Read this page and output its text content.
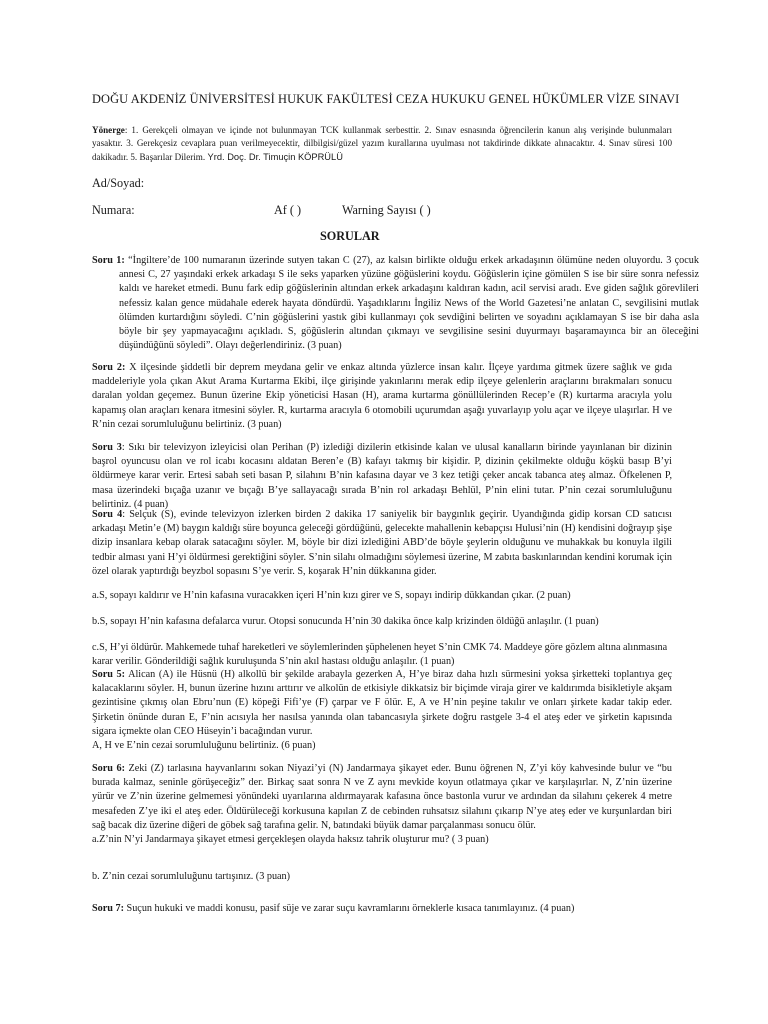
DOĞU AKDENİZ ÜNİVERSİTESİ HUKUK FAKÜLTESİ CEZA HUKUKU GENEL HÜKÜMLER VİZE SINAVI
Yönerge: 1. Gerekçeli olmayan ve içinde not bulunmayan TCK kullanmak serbesttir. 2. Sınav esnasında öğrencilerin kanun alış verişinde bulunmaları yasaktır. 3. Gerekçesiz cevaplara puan verilmeyecektir, dilbilgisi/güzel yazım kurallarına uyulması not takdirinde dikkate alınacaktır. 4. Sınav süresi 100 dakikadır. 5. Başarılar Dilerim. Yrd. Doç. Dr. Timuçin KÖPRÜLÜ
Ad/Soyad:
Numara:	Af ( )	Warning Sayısı ( )
SORULAR
Soru 1: “İngiltere’de 100 numaranın üzerinde sutyen takan C (27), az kalsın birlikte olduğu erkek arkadaşının ölümüne neden oluyordu. 3 çocuk annesi C, 27 yaşındaki erkek arkadaşı S ile seks yaparken yüzüne göğüslerini koydu. Göğüslerin içine gömülen S ise bir süre sonra nefessiz kaldı ve hareket etmedi. Bunu fark edip göğüslerinin altından erkek arkadaşını kaldıran kadın, acil servisi aradı. Eve giden sağlık görevlileri nefessiz kalan gence müdahale ederek hayata döndürdü. Yaşadıklarını İngiliz News of the World Gazetesi’ne anlatan C, sevgilisini mutlak ölümden kurtardığını söyledi. C’nin göğüslerini yastık gibi kullanmayı çok sevdiğini belirten ve soyadını açıklamayan S ise bir daha asla böyle bir şey yapmayacağını açıkladı. S, göğüslerin altından çıkmayı ve sevgilisine sesini duyurmayı başaramayınca bir an öleceğini düşündüğünü söyledi”. Olayı değerlendiriniz. (3 puan)
Soru 2: X ilçesinde şiddetli bir deprem meydana gelir ve enkaz altında yüzlerce insan kalır. İlçeye yardıma gitmek üzere sağlık ve gıda maddeleriyle yola çıkan Akut Arama Kurtarma Ekibi, ilçe girişinde yakınlarını merak edip ilçeye gelenlerin araçlarını bırakmaları sonucu daralan yoldan geçemez. Bunun üzerine Ekip yöneticisi Hasan (H), arama kurtarma gönüllülerinden Recep’e (R) kurtarma aracıyla yolu kapamış olan araçları kenara itmesini söyler. R, kurtarma aracıyla 6 otomobili uçurumdan aşağı yuvarlayıp yolu açar ve ilçeye ulaşırlar. H ve R’nin cezai sorumluluğunu belirtiniz. (3 puan)
Soru 3: Sıkı bir televizyon izleyicisi olan Perihan (P) izlediği dizilerin etkisinde kalan ve ulusal kanalların birinde yayınlanan bir dizinin başrol oyuncusu olan ve rol icabı kocasını aldatan Beren’e (B) kafayı takmış bir kişidir. P, dizinin çekilmekte olduğu köşkü basıp B’yi öldürmeye karar verir. Ertesi sabah seti basan P, silahını B’nin kafasına dayar ve 3 kez tetiği çeker ancak tabanca ateş almaz. Öfkelenen P, masa üzerindeki bıçağa uzanır ve bıçağı B’ye sallayacağı sırada B’nin rol arkadaşı Behlül, P’nin elini tutar. P’nin cezai sorumluluğunu belirtiniz. (4 puan)
Soru 4: Selçuk (S), evinde televizyon izlerken birden 2 dakika 17 saniyelik bir baygınlık geçirir. Uyandığında gidip korsan CD satıcısı arkadaşı Metin’e (M) baygın kaldığı süre boyunca geleceği gördüğünü, gelecekte mahallenin kebapçısı Hulusi’nin (H) kendisini doğrayıp şişe dizip insanlara kebap olarak satacağını söyler. M, böyle bir dizi izlediğini ABD’de böyle şeylerin olduğunu ve muhakkak bu konuyla ilgili tedbir alması yani H’yi öldürmesi gerektiğini söyler. S’nin silahı olmadığını söylemesi üzerine, M zabıta baskınlarından kendini korumak için özel olarak yaptırdığı beyzbol sopasını S’ye verir. S, koşarak H’nin dükkanına gider.
a.S, sopayı kaldırır ve H’nin kafasına vuracakken içeri H’nin kızı girer ve S, sopayı indirip dükkandan çıkar. (2 puan)
b.S, sopayı H’nin kafasına defalarca vurur. Otopsi sonucunda H’nin 30 dakika önce kalp krizinden öldüğü anlaşılır. (1 puan)
c.S, H’yi öldürür. Mahkemede tuhaf hareketleri ve söylemlerinden şüphelenen heyet S’nin CMK 74. Maddeye göre gözlem altına alınmasına karar verilir. Gönderildiği sağlık kuruluşunda S’nin akıl hastası olduğu anlaşılır. (1 puan)
Soru 5: Alican (A) ile Hüsnü (H) alkollü bir şekilde arabayla gezerken A, H’ye biraz daha hızlı sürmesini yoksa şirketteki toplantıya geç kalacaklarını söyler. H, bunun üzerine hızını arttırır ve alkolün de etkisiyle dikkatsiz bir biçimde viraja girer ve kaldırımda bisikletiyle akşam gezintisine çıkmış olan Ebru’nun (E) köpeği Fifi’ye (F) çarpar ve F ölür. E, A ve H’nin peşine takılır ve onları şirkete kadar takip eder. Şirketin önünde duran E, F’nin acısıyla her nasılsa yanında olan tabancasıyla şirkete doğru rastgele 3-4 el ateş eder ve şirketin kapısında sigara içmekte olan CEO Hüseyin’i bacağından vurur.
A, H ve E’nin cezai sorumluluğunu belirtiniz. (6 puan)
Soru 6: Zeki (Z) tarlasına hayvanlarını sokan Niyazi’yi (N) Jandarmaya şikayet eder. Bunu öğrenen N, Z’yi köy kahvesinde bulur ve “bu burada kalmaz, seninle görüşeceğiz” der. Birkaç saat sonra N ve Z aynı mevkide koyun otlatmaya çıkar ve karşılaşırlar. N, Z’nin üzerine yürür ve Z’nin üzerine gelmemesi yönündeki uyarılarına aldırmayarak kafasına önce bastonla vurur ve ardından da silahını çekerek 4 metre mesafeden Z’ye iki el ateş eder. Öldürüleceği korkusuna kapılan Z de cebinden ruhsatsız silahını çıkarıp N’ye ateş eder ve kurşunlardan biri sağ bacak diz üzerine diğeri de göbek sağ tarafına gelir. N, batındaki büyük damar parçalanması sonucu ölür.
a.Z’nin N’yi Jandarmaya şikayet etmesi gerçekleşen olayda haksız tahrik oluşturur mu? ( 3 puan)
b. Z’nin cezai sorumluluğunu tartışınız. (3 puan)
Soru 7: Suçun hukuki ve maddi konusu, pasif süje ve zarar suçu kavramlarını örneklerle kısaca tanımlayınız. (4 puan)
